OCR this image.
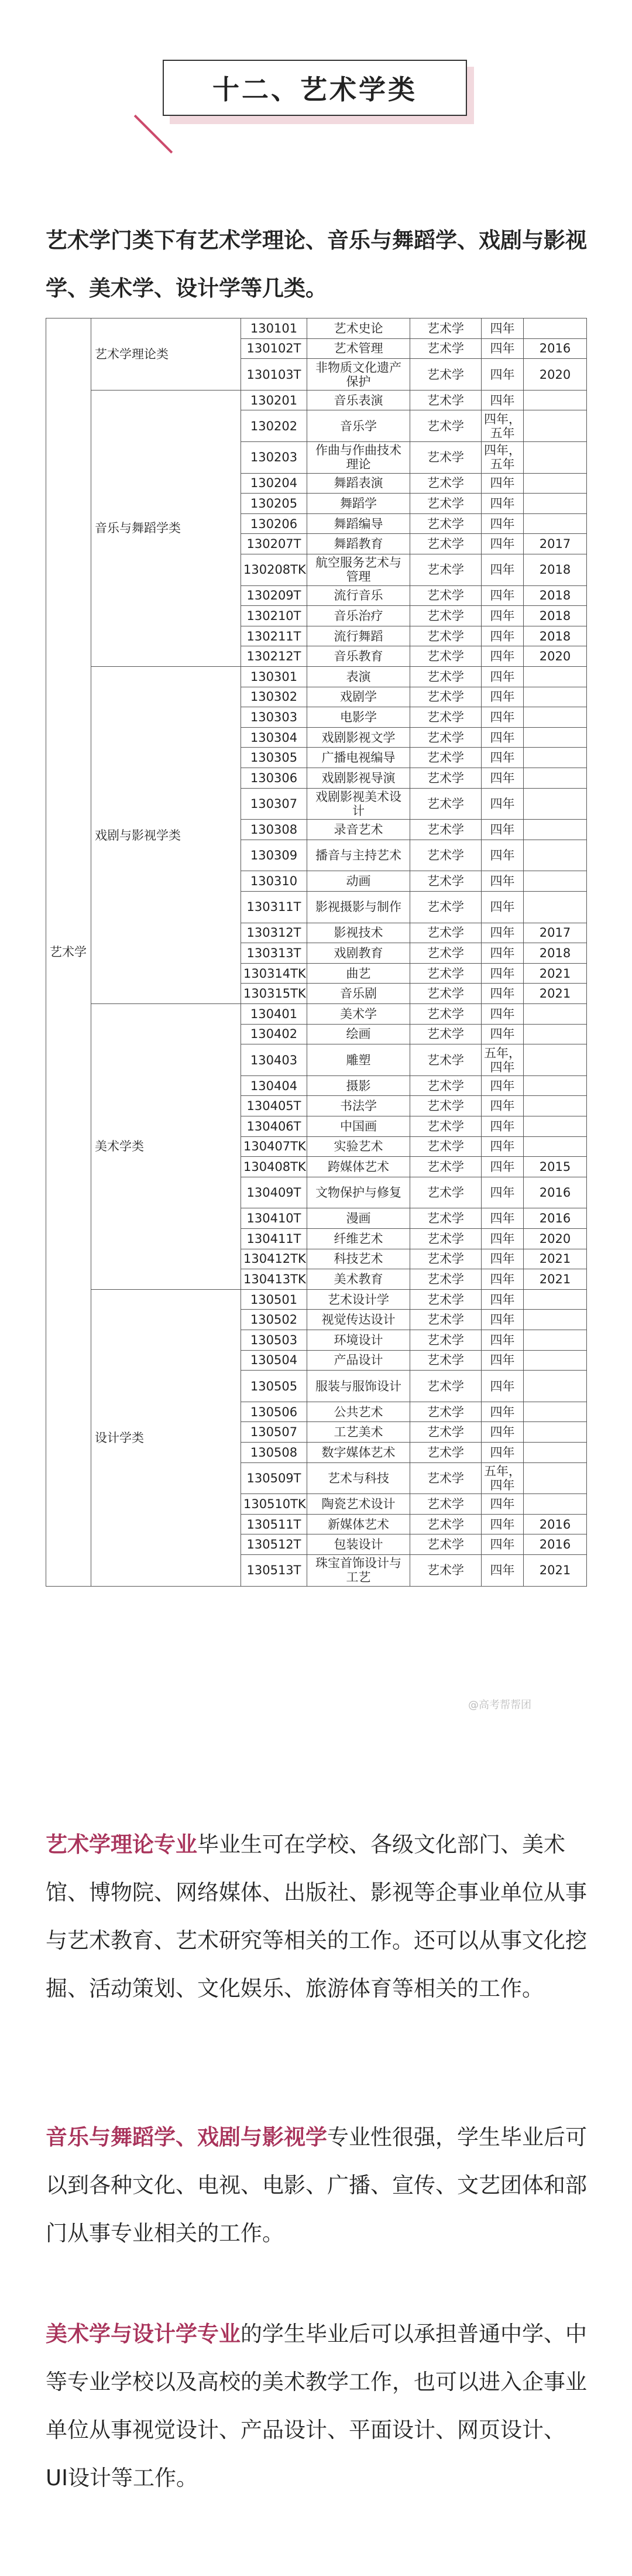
十二、艺术学类
艺术学门类下有艺术学理论、音乐与舞蹈学、戏剧与影视学、美术学、设计学等几类。
艺术学	艺术学理论类	130101	艺术史论	艺术学	四年	
		130102T	艺术管理	艺术学	四年	2016
		130103T	非物质文化遗产保护	艺术学	四年	2020
	音乐与舞蹈学类	130201	音乐表演	艺术学	四年	
		130202	音乐学	艺术学	四年，五年	
		130203	作曲与作曲技术理论	艺术学	四年，五年	
		130204	舞蹈表演	艺术学	四年	
		130205	舞蹈学	艺术学	四年	
		130206	舞蹈编导	艺术学	四年	
		130207T	舞蹈教育	艺术学	四年	2017
		130208TK	航空服务艺术与管理	艺术学	四年	2018
		130209T	流行音乐	艺术学	四年	2018
		130210T	音乐治疗	艺术学	四年	2018
		130211T	流行舞蹈	艺术学	四年	2018
		130212T	音乐教育	艺术学	四年	2020
	戏剧与影视学类	130301	表演	艺术学	四年	
		130302	戏剧学	艺术学	四年	
		130303	电影学	艺术学	四年	
		130304	戏剧影视文学	艺术学	四年	
		130305	广播电视编导	艺术学	四年	
		130306	戏剧影视导演	艺术学	四年	
		130307	戏剧影视美术设计	艺术学	四年	
		130308	录音艺术	艺术学	四年	
		130309	播音与主持艺术	艺术学	四年	
		130310	动画	艺术学	四年	
		130311T	影视摄影与制作	艺术学	四年	
		130312T	影视技术	艺术学	四年	2017
		130313T	戏剧教育	艺术学	四年	2018
		130314TK	曲艺	艺术学	四年	2021
		130315TK	音乐剧	艺术学	四年	2021
	美术学类	130401	美术学	艺术学	四年	
		130402	绘画	艺术学	四年	
		130403	雕塑	艺术学	五年，四年	
		130404	摄影	艺术学	四年	
		130405T	书法学	艺术学	四年	
		130406T	中国画	艺术学	四年	
		130407TK	实验艺术	艺术学	四年	
		130408TK	跨媒体艺术	艺术学	四年	2015
		130409T	文物保护与修复	艺术学	四年	2016
		130410T	漫画	艺术学	四年	2016
		130411T	纤维艺术	艺术学	四年	2020
		130412TK	科技艺术	艺术学	四年	2021
		130413TK	美术教育	艺术学	四年	2021
	设计学类	130501	艺术设计学	艺术学	四年	
		130502	视觉传达设计	艺术学	四年	
		130503	环境设计	艺术学	四年	
		130504	产品设计	艺术学	四年	
		130505	服装与服饰设计	艺术学	四年	
		130506	公共艺术	艺术学	四年	
		130507	工艺美术	艺术学	四年	
		130508	数字媒体艺术	艺术学	四年	
		130509T	艺术与科技	艺术学	五年，四年	
		130510TK	陶瓷艺术设计	艺术学	四年	
		130511T	新媒体艺术	艺术学	四年	2016
		130512T	包装设计	艺术学	四年	2016
		130513T	珠宝首饰设计与工艺	艺术学	四年	2021
艺术学理论专业毕业生可在学校、各级文化部门、美术馆、博物院、网络媒体、出版社、影视等企事业单位从事与艺术教育、艺术研究等相关的工作。还可以从事文化挖掘、活动策划、文化娱乐、旅游体育等相关的工作。
音乐与舞蹈学、戏剧与影视学专业性很强，学生毕业后可以到各种文化、电视、电影、广播、宣传、文艺团体和部门从事专业相关的工作。
美术学与设计学专业的学生毕业后可以承担普通中学、中等专业学校以及高校的美术教学工作，也可以进入企事业单位从事视觉设计、产品设计、平面设计、网页设计、UI设计等工作。
@高考帮帮团
